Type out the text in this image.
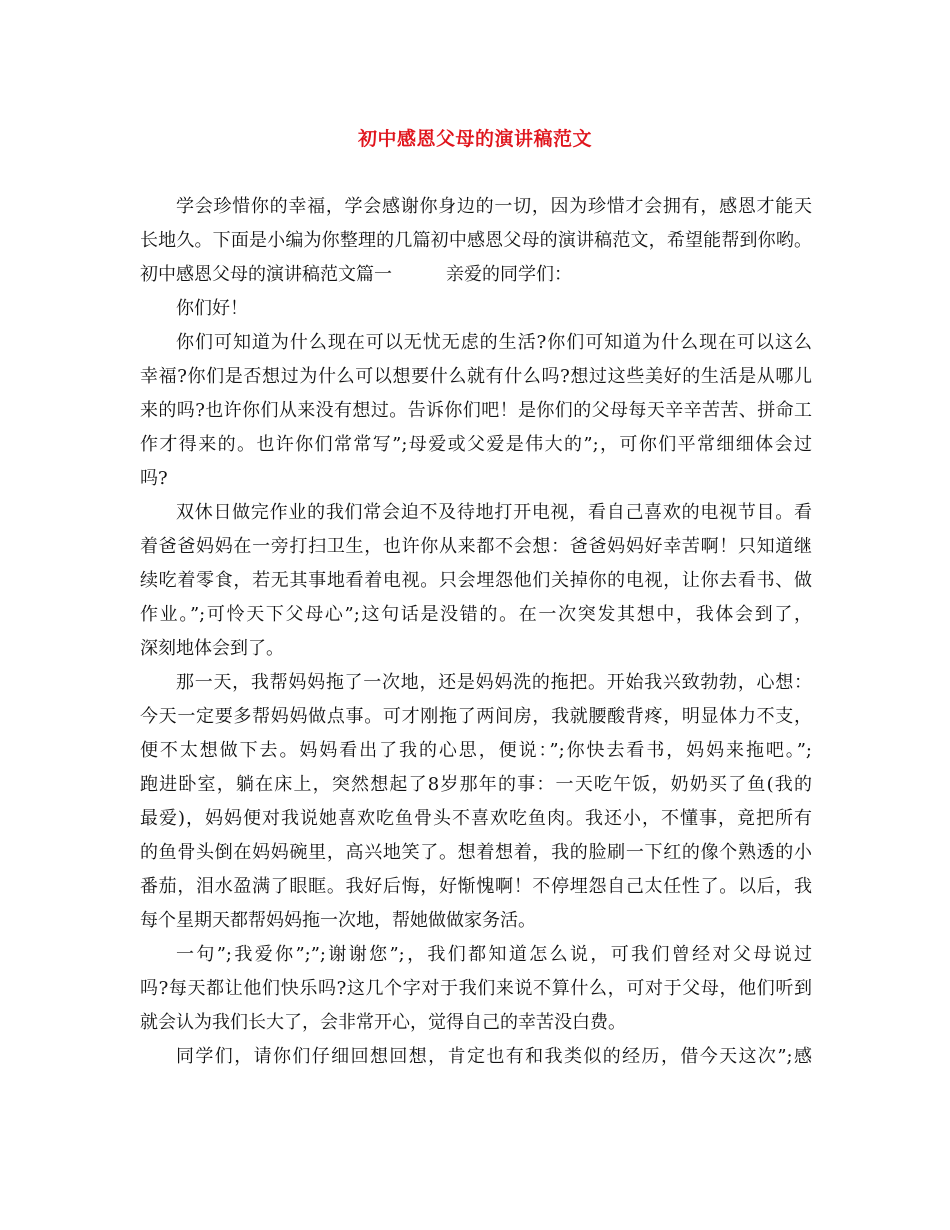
初中感恩父母的演讲稿范文
学会珍惜你的幸福，学会感谢你身边的一切，因为珍惜才会拥有，感恩才能天
长地久。下面是小编为你整理的几篇初中感恩父母的演讲稿范文，希望能帮到你哟。
初中感恩父母的演讲稿范文篇一　　　亲爱的同学们：
你们好！
你们可知道为什么现在可以无忧无虑的生活?你们可知道为什么现在可以这么
幸福?你们是否想过为什么可以想要什么就有什么吗?想过这些美好的生活是从哪儿
来的吗?也许你们从来没有想过。告诉你们吧！是你们的父母每天辛辛苦苦、拼命工
作才得来的。也许你们常常写”;母爱或父爱是伟大的”;，可你们平常细细体会过
吗?
双休日做完作业的我们常会迫不及待地打开电视，看自己喜欢的电视节目。看
着爸爸妈妈在一旁打扫卫生，也许你从来都不会想：爸爸妈妈好幸苦啊！只知道继
续吃着零食，若无其事地看着电视。只会埋怨他们关掉你的电视，让你去看书、做
作业。”;可怜天下父母心”;这句话是没错的。在一次突发其想中，我体会到了，
深刻地体会到了。
那一天，我帮妈妈拖了一次地，还是妈妈洗的拖把。开始我兴致勃勃，心想：
今天一定要多帮妈妈做点事。可才刚拖了两间房，我就腰酸背疼，明显体力不支，
便不太想做下去。妈妈看出了我的心思，便说：”;你快去看书，妈妈来拖吧。”;
跑进卧室，躺在床上，突然想起了8岁那年的事：一天吃午饭，奶奶买了鱼(我的
最爱)，妈妈便对我说她喜欢吃鱼骨头不喜欢吃鱼肉。我还小，不懂事，竟把所有
的鱼骨头倒在妈妈碗里，高兴地笑了。想着想着，我的脸刷一下红的像个熟透的小
番茄，泪水盈满了眼眶。我好后悔，好惭愧啊！不停埋怨自己太任性了。以后，我
每个星期天都帮妈妈拖一次地，帮她做做家务活。
一句”;我爱你”;”;谢谢您”;，我们都知道怎么说，可我们曾经对父母说过
吗?每天都让他们快乐吗?这几个字对于我们来说不算什么，可对于父母，他们听到
就会认为我们长大了，会非常开心，觉得自己的幸苦没白费。
同学们，请你们仔细回想回想，肯定也有和我类似的经历，借今天这次”;感
